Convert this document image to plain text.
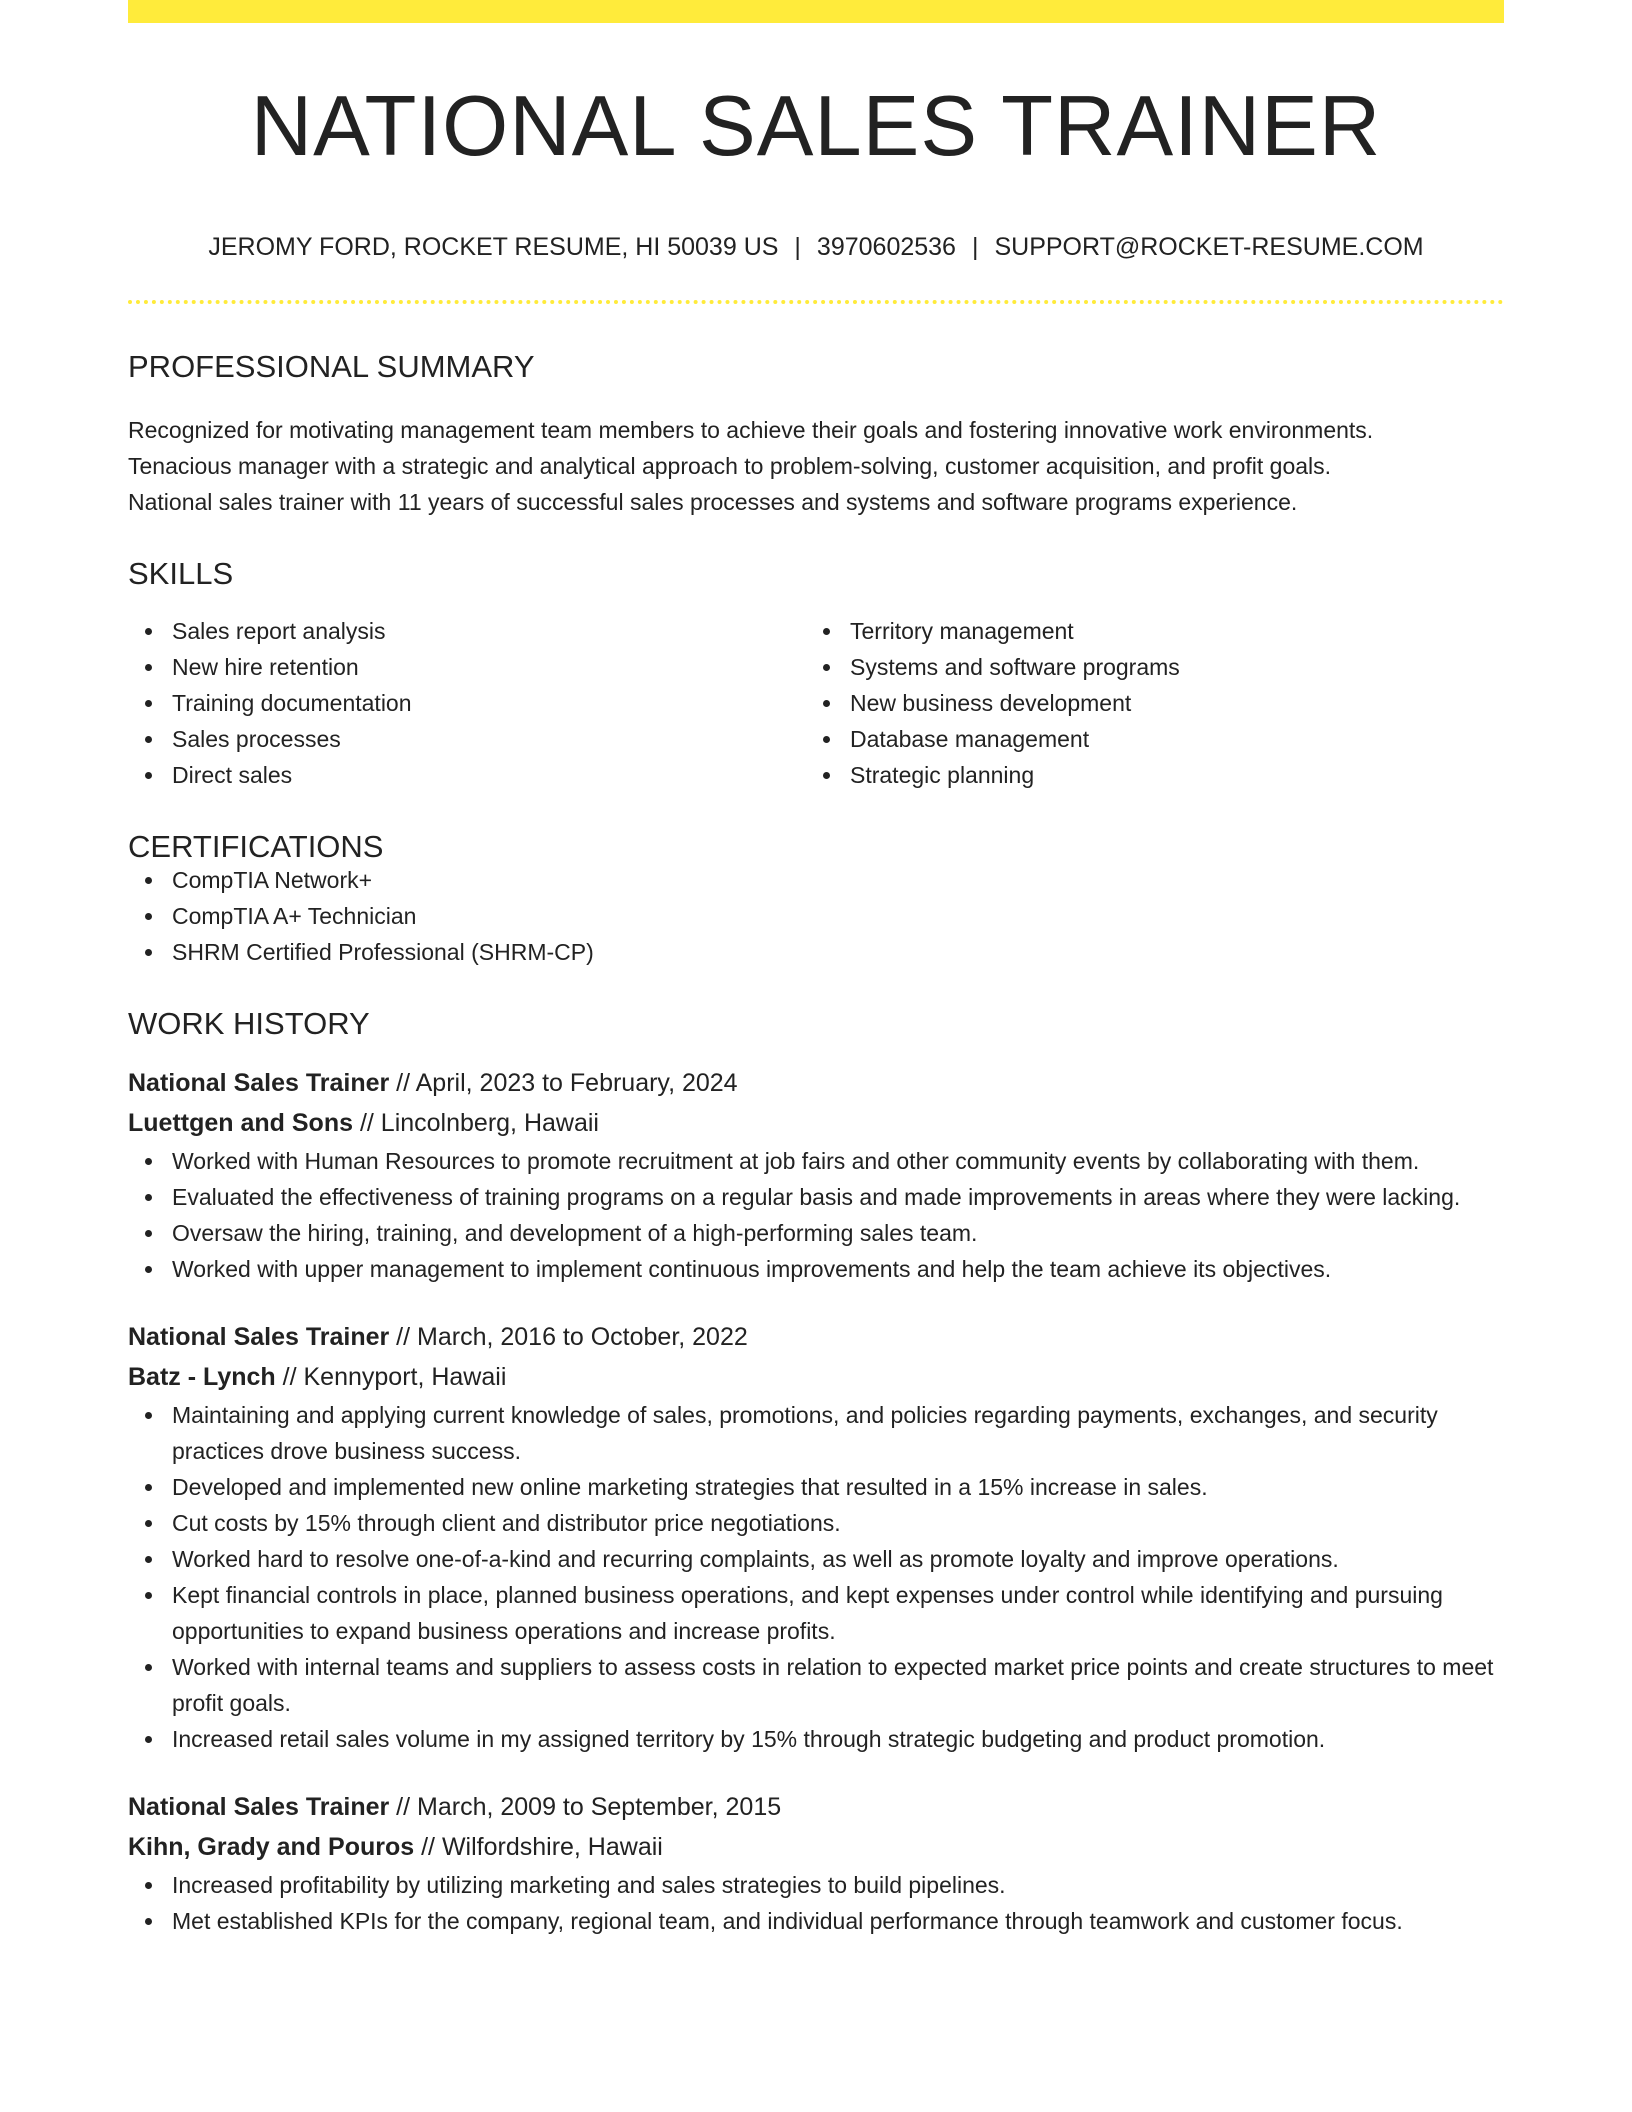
NATIONAL SALES TRAINER
JEROMY FORD, ROCKET RESUME, HI 50039 US | 3970602536 | SUPPORT@ROCKET-RESUME.COM
PROFESSIONAL SUMMARY
Recognized for motivating management team members to achieve their goals and fostering innovative work environments.
Tenacious manager with a strategic and analytical approach to problem-solving, customer acquisition, and profit goals.
National sales trainer with 11 years of successful sales processes and systems and software programs experience.
SKILLS
Sales report analysis
New hire retention
Training documentation
Sales processes
Direct sales
Territory management
Systems and software programs
New business development
Database management
Strategic planning
CERTIFICATIONS
CompTIA Network+
CompTIA A+ Technician
SHRM Certified Professional (SHRM-CP)
WORK HISTORY
National Sales Trainer // April, 2023 to February, 2024
Luettgen and Sons // Lincolnberg, Hawaii
Worked with Human Resources to promote recruitment at job fairs and other community events by collaborating with them.
Evaluated the effectiveness of training programs on a regular basis and made improvements in areas where they were lacking.
Oversaw the hiring, training, and development of a high-performing sales team.
Worked with upper management to implement continuous improvements and help the team achieve its objectives.
National Sales Trainer // March, 2016 to October, 2022
Batz - Lynch // Kennyport, Hawaii
Maintaining and applying current knowledge of sales, promotions, and policies regarding payments, exchanges, and security practices drove business success.
Developed and implemented new online marketing strategies that resulted in a 15% increase in sales.
Cut costs by 15% through client and distributor price negotiations.
Worked hard to resolve one-of-a-kind and recurring complaints, as well as promote loyalty and improve operations.
Kept financial controls in place, planned business operations, and kept expenses under control while identifying and pursuing opportunities to expand business operations and increase profits.
Worked with internal teams and suppliers to assess costs in relation to expected market price points and create structures to meet profit goals.
Increased retail sales volume in my assigned territory by 15% through strategic budgeting and product promotion.
National Sales Trainer // March, 2009 to September, 2015
Kihn, Grady and Pouros // Wilfordshire, Hawaii
Increased profitability by utilizing marketing and sales strategies to build pipelines.
Met established KPIs for the company, regional team, and individual performance through teamwork and customer focus.
